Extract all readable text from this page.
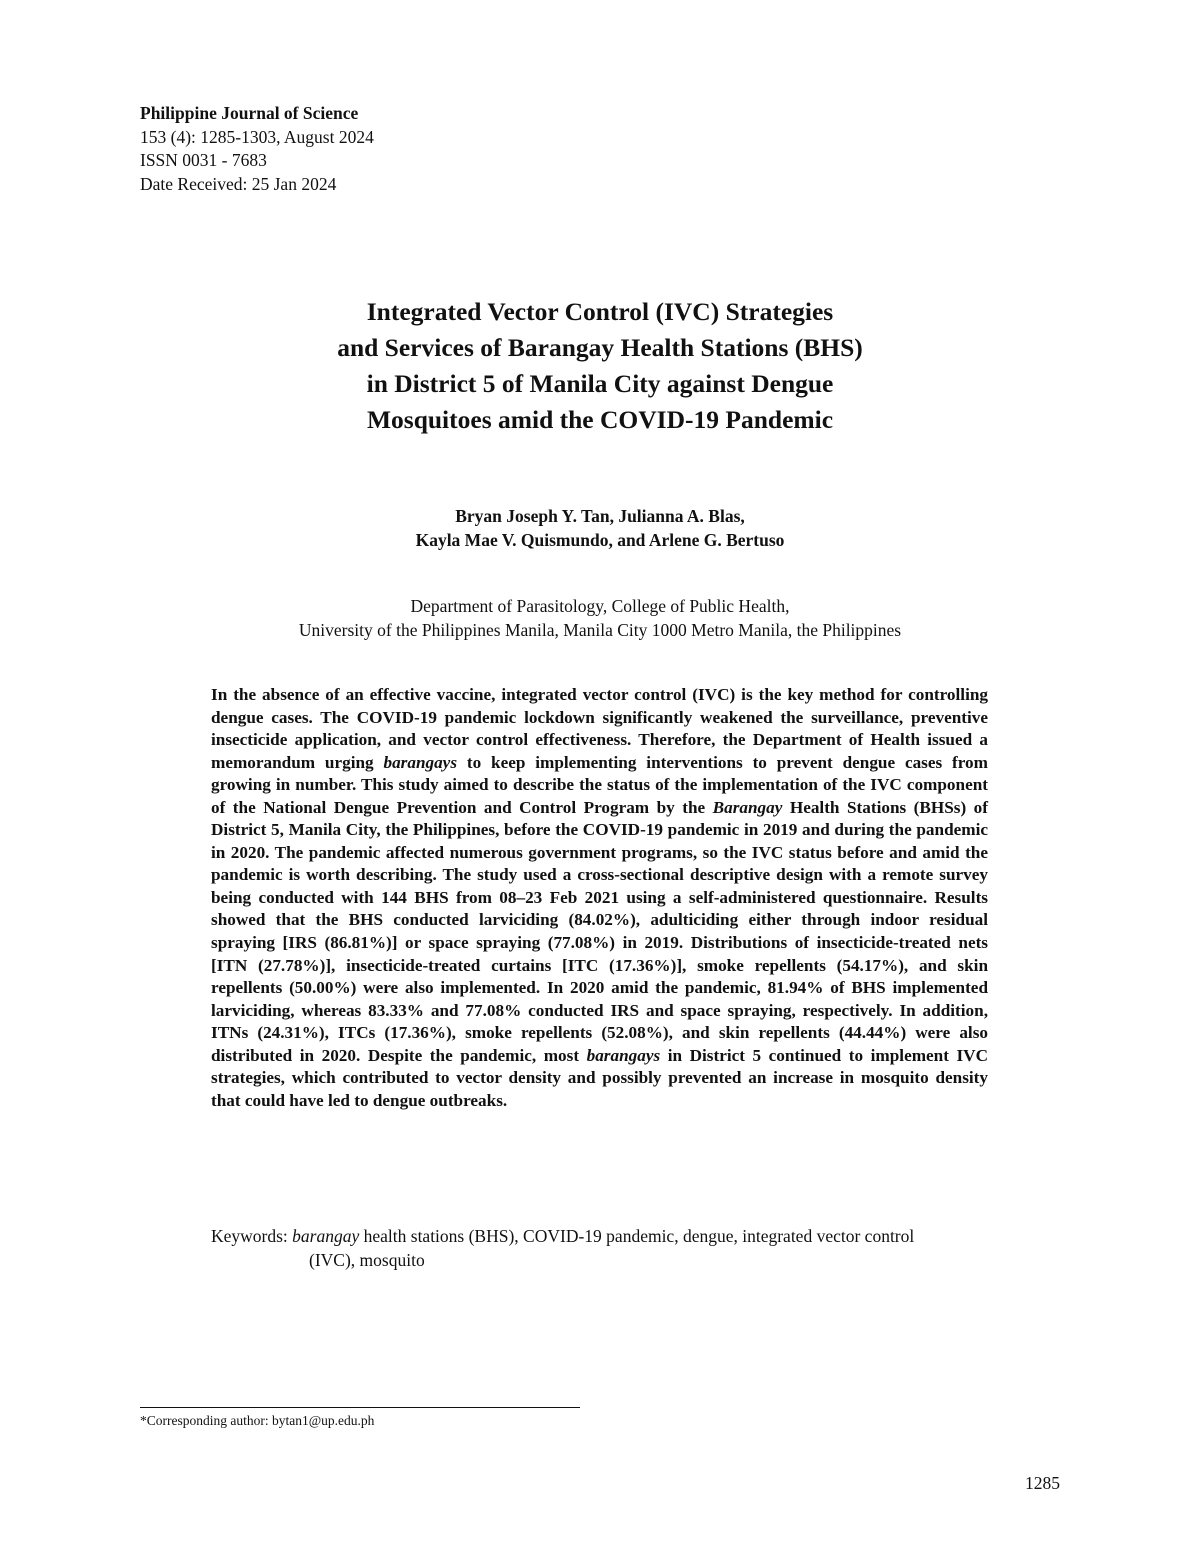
Philippine Journal of Science
153 (4): 1285-1303, August 2024
ISSN 0031 - 7683
Date Received: 25 Jan 2024
Integrated Vector Control (IVC) Strategies
and Services of Barangay Health Stations (BHS)
in District 5 of Manila City against Dengue
Mosquitoes amid the COVID-19 Pandemic
Bryan Joseph Y. Tan, Julianna A. Blas,
Kayla Mae V. Quismundo, and Arlene G. Bertuso
Department of Parasitology, College of Public Health,
University of the Philippines Manila, Manila City 1000 Metro Manila, the Philippines

In the absence of an effective vaccine, integrated vector control (IVC) is the key method for controlling dengue cases. The COVID-19 pandemic lockdown significantly weakened the surveillance, preventive insecticide application, and vector control effectiveness. Therefore, the Department of Health issued a memorandum urging barangays to keep implementing interventions to prevent dengue cases from growing in number. This study aimed to describe the status of the implementation of the IVC component of the National Dengue Prevention and Control Program by the Barangay Health Stations (BHSs) of District 5, Manila City, the Philippines, before the COVID-19 pandemic in 2019 and during the pandemic in 2020. The pandemic affected numerous government programs, so the IVC status before and amid the pandemic is worth describing. The study used a cross-sectional descriptive design with a remote survey being conducted with 144 BHS from 08–23 Feb 2021 using a self-administered questionnaire. Results showed that the BHS conducted larviciding (84.02%), adulticiding either through indoor residual spraying [IRS (86.81%)] or space spraying (77.08%) in 2019. Distributions of insecticide-treated nets [ITN (27.78%)], insecticide-treated curtains [ITC (17.36%)], smoke repellents (54.17%), and skin repellents (50.00%) were also implemented. In 2020 amid the pandemic, 81.94% of BHS implemented larviciding, whereas 83.33% and 77.08% conducted IRS and space spraying, respectively. In addition, ITNs (24.31%), ITCs (17.36%), smoke repellents (52.08%), and skin repellents (44.44%) were also distributed in 2020. Despite the pandemic, most barangays in District 5 continued to implement IVC strategies, which contributed to vector density and possibly prevented an increase in mosquito density that could have led to dengue outbreaks.

Keywords: barangay health stations (BHS), COVID-19 pandemic, dengue, integrated vector control
(IVC), mosquito
*Corresponding author: bytan1@up.edu.ph
1285
